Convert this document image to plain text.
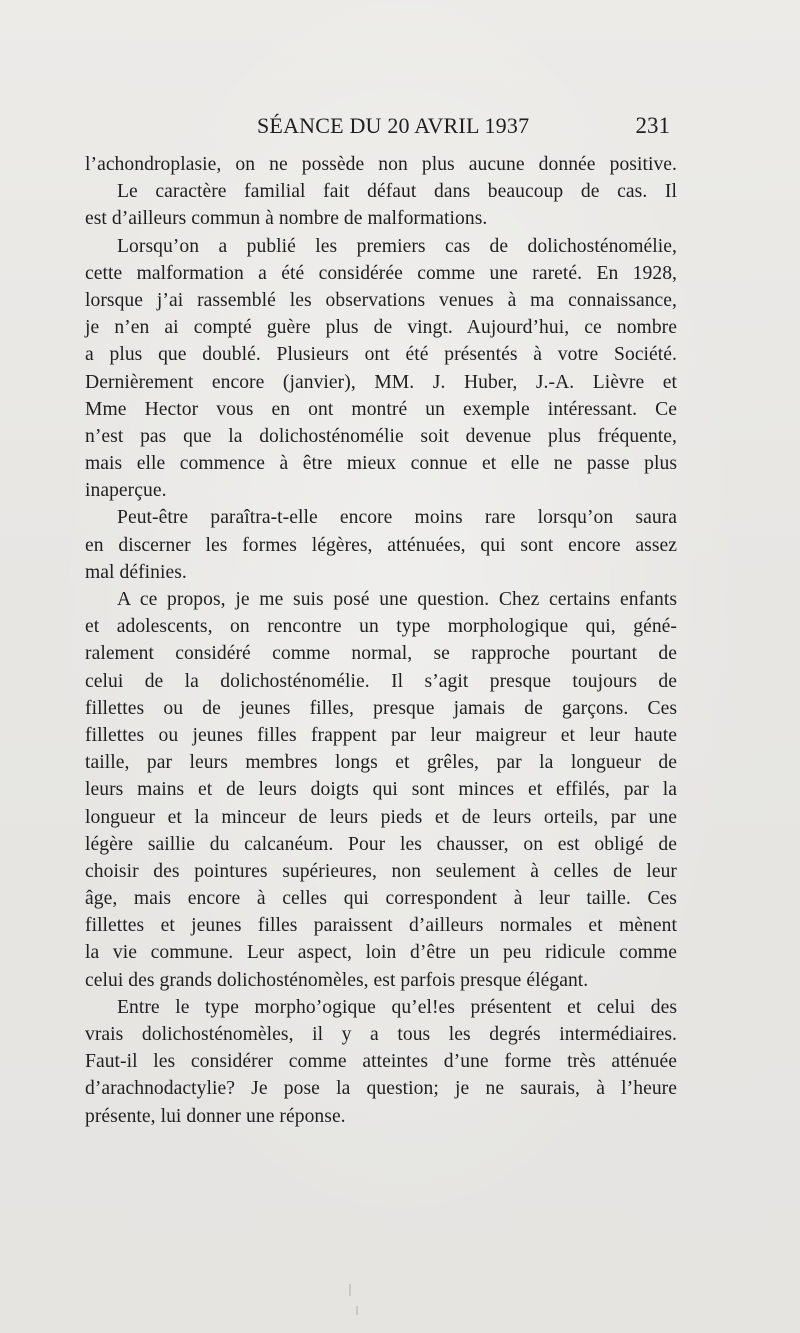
SÉANCE DU 20 AVRIL 1937	231
l’achondroplasie, on ne possède non plus aucune donnée positive.
Le caractère familial fait défaut dans beaucoup de cas. Il
est d’ailleurs commun à nombre de malformations.
Lorsqu’on a publié les premiers cas de dolichosténomélie,
cette malformation a été considérée comme une rareté. En 1928,
lorsque j’ai rassemblé les observations venues à ma connaissance,
je n’en ai compté guère plus de vingt. Aujourd’hui, ce nombre
a plus que doublé. Plusieurs ont été présentés à votre Société.
Dernièrement encore (janvier), MM. J. Huber, J.-A. Lièvre et
Mme Hector vous en ont montré un exemple intéressant. Ce
n’est pas que la dolichosténomélie soit devenue plus fréquente,
mais elle commence à être mieux connue et elle ne passe plus
inaperçue.
Peut-être paraîtra-t-elle encore moins rare lorsqu’on saura
en discerner les formes légères, atténuées, qui sont encore assez
mal définies.
A ce propos, je me suis posé une question. Chez certains enfants
et adolescents, on rencontre un type morphologique qui, géné-
ralement considéré comme normal, se rapproche pourtant de
celui de la dolichosténomélie. Il s’agit presque toujours de
fillettes ou de jeunes filles, presque jamais de garçons. Ces
fillettes ou jeunes filles frappent par leur maigreur et leur haute
taille, par leurs membres longs et grêles, par la longueur de
leurs mains et de leurs doigts qui sont minces et effilés, par la
longueur et la minceur de leurs pieds et de leurs orteils, par une
légère saillie du calcanéum. Pour les chausser, on est obligé de
choisir des pointures supérieures, non seulement à celles de leur
âge, mais encore à celles qui correspondent à leur taille. Ces
fillettes et jeunes filles paraissent d’ailleurs normales et mènent
la vie commune. Leur aspect, loin d’être un peu ridicule comme
celui des grands dolichosténomèles, est parfois presque élégant.
Entre le type morpho’ogique qu’el!es présentent et celui des
vrais dolichosténomèles, il y a tous les degrés intermédiaires.
Faut-il les considérer comme atteintes d’une forme très atténuée
d’arachnodactylie? Je pose la question; je ne saurais, à l’heure
présente, lui donner une réponse.
